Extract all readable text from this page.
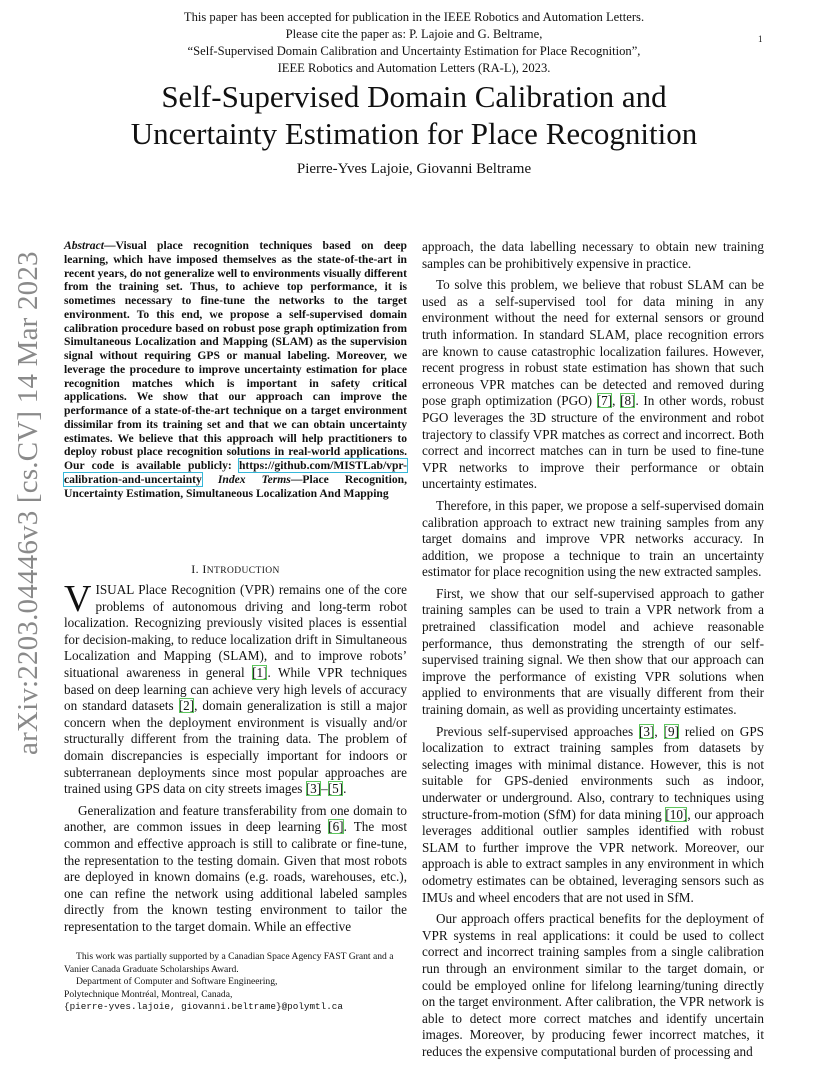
This paper has been accepted for publication in the IEEE Robotics and Automation Letters.
Please cite the paper as: P. Lajoie and G. Beltrame,
“Self-Supervised Domain Calibration and Uncertainty Estimation for Place Recognition”,
IEEE Robotics and Automation Letters (RA-L), 2023.
1
Self-Supervised Domain Calibration and
Uncertainty Estimation for Place Recognition
Pierre-Yves Lajoie, Giovanni Beltrame
arXiv:2203.04446v3 [cs.CV] 14 Mar 2023
Abstract—Visual place recognition techniques based on deep learning, which have imposed themselves as the state-of-the-art in recent years, do not generalize well to environments visually different from the training set. Thus, to achieve top performance, it is sometimes necessary to fine-tune the networks to the target environment. To this end, we propose a self-supervised domain calibration procedure based on robust pose graph optimization from Simultaneous Localization and Mapping (SLAM) as the supervision signal without requiring GPS or manual labeling. Moreover, we leverage the procedure to improve uncertainty estimation for place recognition matches which is important in safety critical applications. We show that our approach can improve the performance of a state-of-the-art technique on a target environment dissimilar from its training set and that we can obtain uncertainty estimates. We believe that this approach will help practitioners to deploy robust place recognition solutions in real-world applications. Our code is available publicly: https://github.com/MISTLab/vpr-calibration-and-uncertainty Index Terms—Place Recognition, Uncertainty Estimation, Simultaneous Localization And Mapping
I. INTRODUCTION

VISUAL Place Recognition (VPR) remains one of the core problems of autonomous driving and long-term robot localization. Recognizing previously visited places is essential for decision-making, to reduce localization drift in Simultaneous Localization and Mapping (SLAM), and to improve robots’ situational awareness in general [1]. While VPR techniques based on deep learning can achieve very high levels of accuracy on standard datasets [2], domain generalization is still a major concern when the deployment environment is visually and/or structurally different from the training data. The problem of domain discrepancies is especially important for indoors or subterranean deployments since most popular approaches are trained using GPS data on city streets images [3]–[5].

Generalization and feature transferability from one domain to another, are common issues in deep learning [6]. The most common and effective approach is still to calibrate or fine-tune, the representation to the testing domain. Given that most robots are deployed in known domains (e.g. roads, warehouses, etc.), one can refine the network using additional labeled samples directly from the known testing environment to tailor the representation to the target domain. While an effective

approach, the data labelling necessary to obtain new training samples can be prohibitively expensive in practice.

To solve this problem, we believe that robust SLAM can be used as a self-supervised tool for data mining in any environment without the need for external sensors or ground truth information. In standard SLAM, place recognition errors are known to cause catastrophic localization failures. However, recent progress in robust state estimation has shown that such erroneous VPR matches can be detected and removed during pose graph optimization (PGO) [7], [8]. In other words, robust PGO leverages the 3D structure of the environment and robot trajectory to classify VPR matches as correct and incorrect. Both correct and incorrect matches can in turn be used to fine-tune VPR networks to improve their performance or obtain uncertainty estimates.

Therefore, in this paper, we propose a self-supervised domain calibration approach to extract new training samples from any target domains and improve VPR networks accuracy. In addition, we propose a technique to train an uncertainty estimator for place recognition using the new extracted samples.

First, we show that our self-supervised approach to gather training samples can be used to train a VPR network from a pretrained classification model and achieve reasonable performance, thus demonstrating the strength of our self-supervised training signal. We then show that our approach can improve the performance of existing VPR solutions when applied to environments that are visually different from their training domain, as well as providing uncertainty estimates.

Previous self-supervised approaches [3], [9] relied on GPS localization to extract training samples from datasets by selecting images with minimal distance. However, this is not suitable for GPS-denied environments such as indoor, underwater or underground. Also, contrary to techniques using structure-from-motion (SfM) for data mining [10], our approach leverages additional outlier samples identified with robust SLAM to further improve the VPR network. Moreover, our approach is able to extract samples in any environment in which odometry estimates can be obtained, leveraging sensors such as IMUs and wheel encoders that are not used in SfM.

Our approach offers practical benefits for the deployment of VPR systems in real applications: it could be used to collect correct and incorrect training samples from a single calibration run through an environment similar to the target domain, or could be employed online for lifelong learning/tuning directly on the target environment. After calibration, the VPR network is able to detect more correct matches and identify uncertain images. Moreover, by producing fewer incorrect matches, it reduces the expensive computational burden of processing and

This work was partially supported by a Canadian Space Agency FAST Grant and a Vanier Canada Graduate Scholarships Award.
Department of Computer and Software Engineering,
Polytechnique Montréal, Montreal, Canada,
{pierre-yves.lajoie, giovanni.beltrame}@polymtl.ca
